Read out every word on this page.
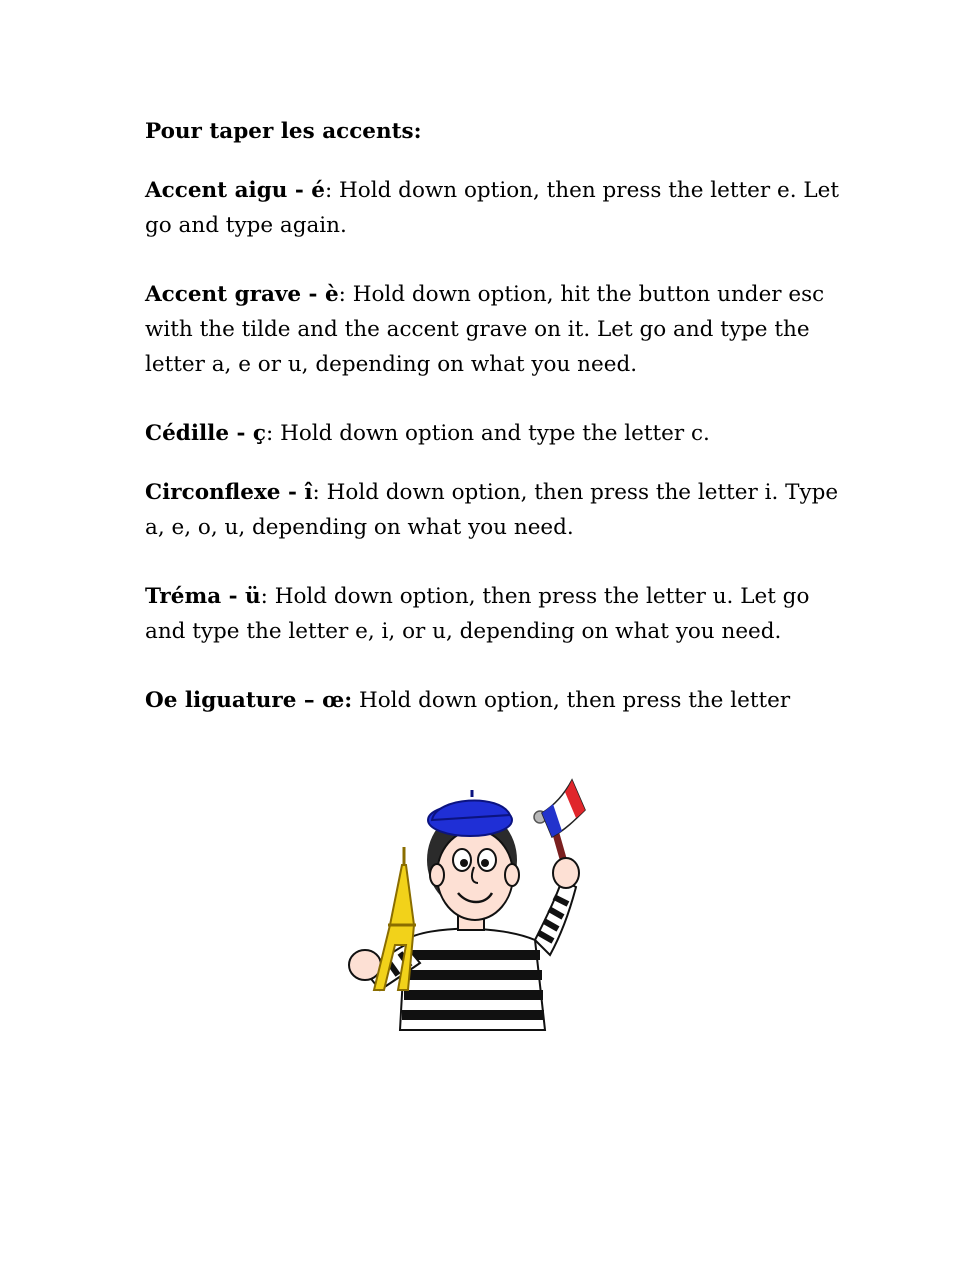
Pour taper les accents:

Accent aigu - é: Hold down option, then press the letter e. Let go and type again.

Accent grave - è: Hold down option, hit the button under esc with the tilde and the accent grave on it. Let go and type the letter a, e or u, depending on what you need.

Cédille - ç: Hold down option and type the letter c.

Circonflexe - î: Hold down option, then press the letter i. Type a, e, o, u, depending on what you need.

Tréma - ü: Hold down option, then press the letter u. Let go and type the letter e, i, or u, depending on what you need.

Oe liguature – œ: Hold down option, then press the letter
